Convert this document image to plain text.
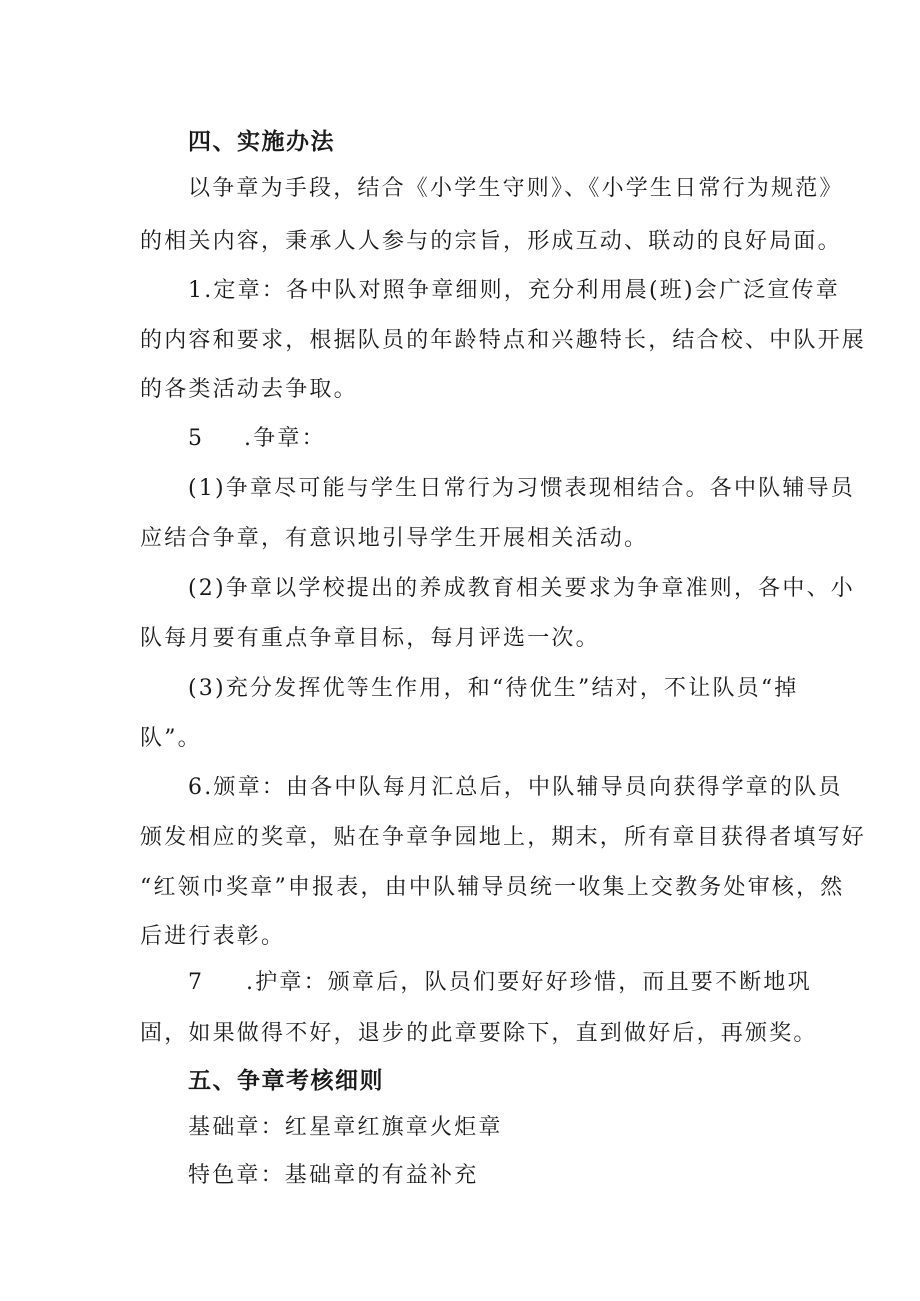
四、实施办法
以争章为手段，结合《小学生守则》、《小学生日常行为规范》
的相关内容，秉承人人参与的宗旨，形成互动、联动的良好局面。
1.定章：各中队对照争章细则，充分利用晨(班)会广泛宣传章
的内容和要求，根据队员的年龄特点和兴趣特长，结合校、中队开展
的各类活动去争取。
5 .争章：
(1)争章尽可能与学生日常行为习惯表现相结合。各中队辅导员
应结合争章，有意识地引导学生开展相关活动。
(2)争章以学校提出的养成教育相关要求为争章准则，各中、小
队每月要有重点争章目标，每月评选一次。
(3)充分发挥优等生作用，和“待优生”结对，不让队员“掉
队”。
6.颁章：由各中队每月汇总后，中队辅导员向获得学章的队员
颁发相应的奖章，贴在争章争园地上，期末，所有章目获得者填写好
“红领巾奖章”申报表，由中队辅导员统一收集上交教务处审核，然
后进行表彰。
7 .护章：颁章后，队员们要好好珍惜，而且要不断地巩
固，如果做得不好，退步的此章要除下，直到做好后，再颁奖。
五、争章考核细则
基础章：红星章红旗章火炬章
特色章：基础章的有益补充
